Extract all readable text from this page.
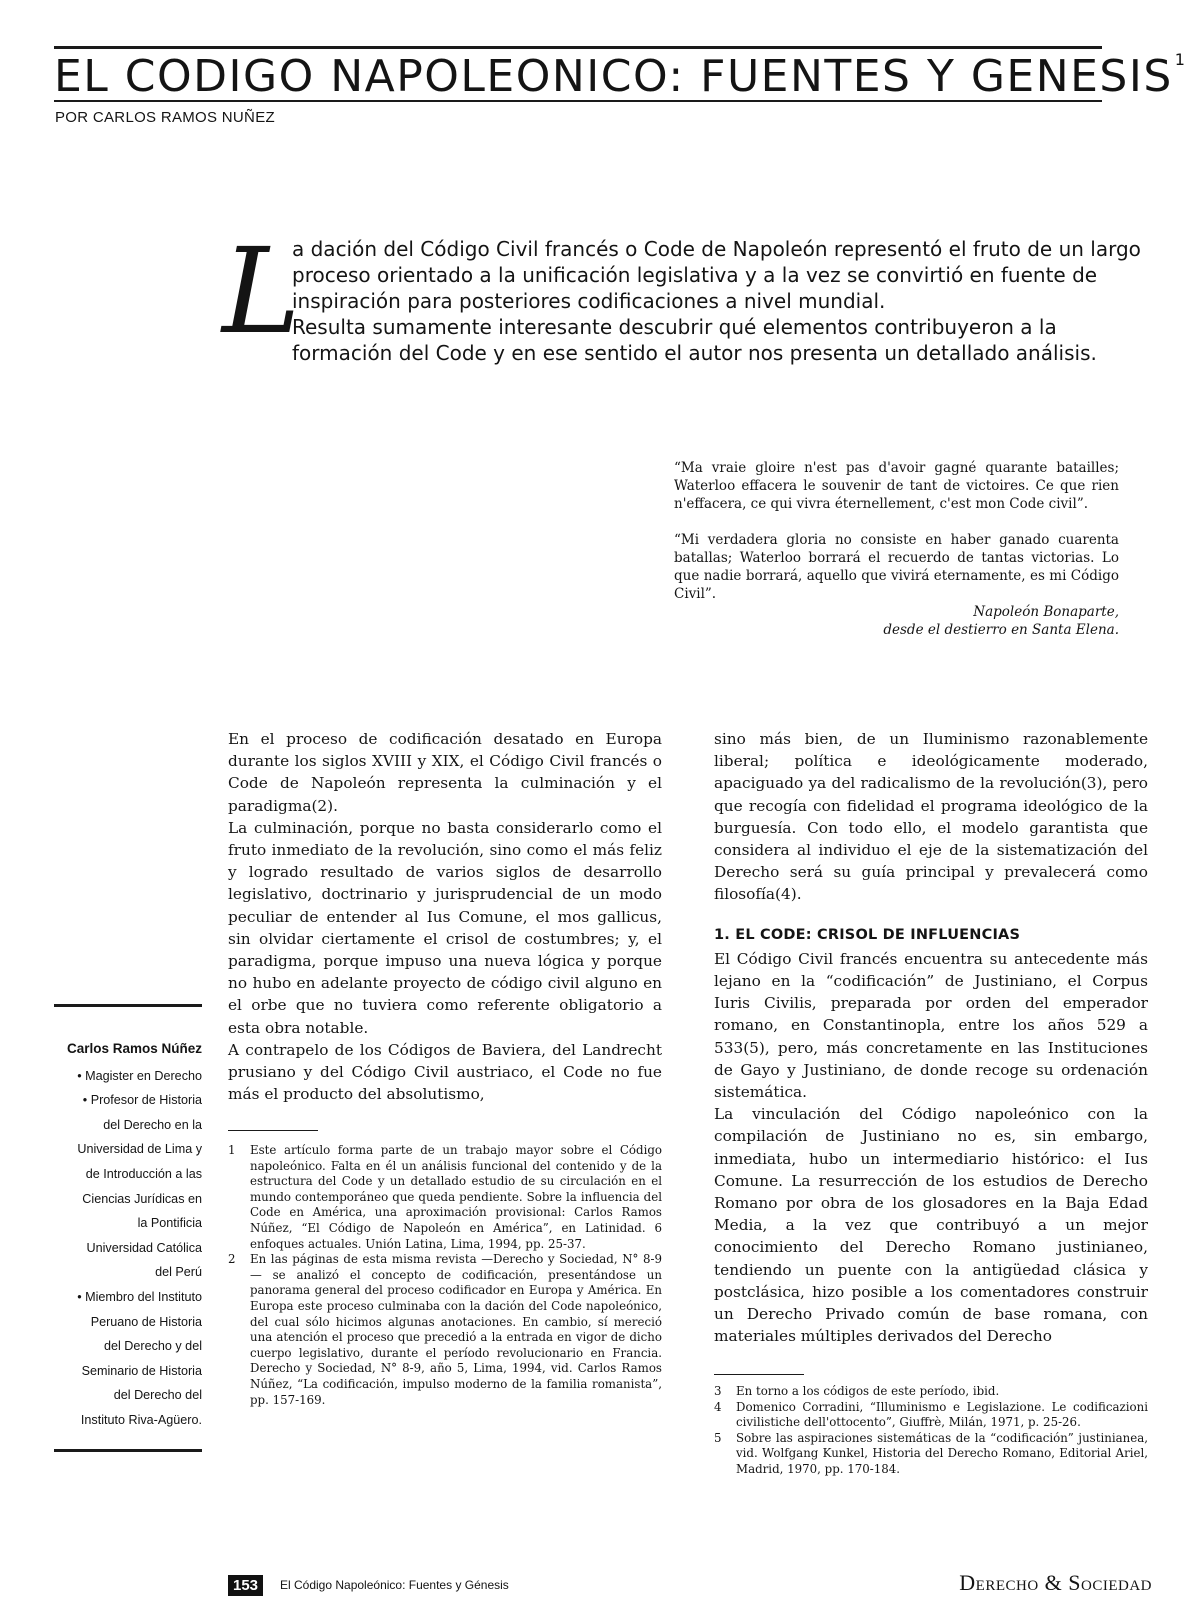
EL CODIGO NAPOLEONICO: FUENTES Y GENESIS $^1$
POR CARLOS RAMOS NUÑEZ
L

a dación del Código Civil francés o Code de Napoleón representó el fruto de un largo proceso orientado a la unificación legislativa y a la vez se convirtió en fuente de inspiración para posteriores codificaciones a nivel mundial.

Resulta sumamente interesante descubrir qué elementos contribuyeron a la formación del Code y en ese sentido el autor nos presenta un detallado análisis.

“Ma vraie gloire n'est pas d'avoir gagné quarante batailles; Waterloo effacera le souvenir de tant de victoires. Ce que rien n'effacera, ce qui vivra éternellement, c'est mon Code civil”.

“Mi verdadera gloria no consiste en haber ganado cuarenta batallas; Waterloo borrará el recuerdo de tantas victorias. Lo que nadie borrará, aquello que vivirá eternamente, es mi Código Civil”.

Napoleón Bonaparte,

desde el destierro en Santa Elena.

Carlos Ramos Núñez
• Magister en Derecho
• Profesor de Historia
del Derecho en la
Universidad de Lima y
de Introducción a las
Ciencias Jurídicas en
la Pontificia
Universidad Católica
del Perú
• Miembro del Instituto
Peruano de Historia
del Derecho y del
Seminario de Historia
del Derecho del
Instituto Riva-Agüero.

En el proceso de codificación desatado en Europa durante los siglos XVIII y XIX, el Código Civil francés o Code de Napoleón representa la culminación y el paradigma(2).

La culminación, porque no basta considerarlo como el fruto inmediato de la revolución, sino como el más feliz y logrado resultado de varios siglos de desarrollo legislativo, doctrinario y jurisprudencial de un modo peculiar de entender al Ius Comune, el mos gallicus, sin olvidar ciertamente el crisol de costumbres; y, el paradigma, porque impuso una nueva lógica y porque no hubo en adelante proyecto de código civil alguno en el orbe que no tuviera como referente obligatorio a esta obra notable.

A contrapelo de los Códigos de Baviera, del Landrecht prusiano y del Código Civil austriaco, el Code no fue más el producto del absolutismo,

1	Este artículo forma parte de un trabajo mayor sobre el Código napoleónico. Falta en él un análisis funcional del contenido y de la estructura del Code y un detallado estudio de su circulación en el mundo contemporáneo que queda pendiente. Sobre la influencia del Code en América, una aproximación provisional: Carlos Ramos Núñez, “El Código de Napoleón en América”, en Latinidad. 6 enfoques actuales. Unión Latina, Lima, 1994, pp. 25-37.
2	En las páginas de esta misma revista —Derecho y Sociedad, N° 8-9— se analizó el concepto de codificación, presentándose un panorama general del proceso codificador en Europa y América. En Europa este proceso culminaba con la dación del Code napoleónico, del cual sólo hicimos algunas anotaciones. En cambio, sí mereció una atención el proceso que precedió a la entrada en vigor de dicho cuerpo legislativo, durante el período revolucionario en Francia. Derecho y Sociedad, N° 8-9, año 5, Lima, 1994, vid. Carlos Ramos Núñez, “La codificación, impulso moderno de la familia romanista”, pp. 157-169.

sino más bien, de un Iluminismo razonablemente liberal; política e ideológicamente moderado, apaciguado ya del radicalismo de la revolución(3), pero que recogía con fidelidad el programa ideológico de la burguesía. Con todo ello, el modelo garantista que considera al individuo el eje de la sistematización del Derecho será su guía principal y prevalecerá como filosofía(4).

1. EL CODE: CRISOL DE INFLUENCIAS

El Código Civil francés encuentra su antecedente más lejano en la “codificación” de Justiniano, el Corpus Iuris Civilis, preparada por orden del emperador romano, en Constantinopla, entre los años 529 a 533(5), pero, más concretamente en las Instituciones de Gayo y Justiniano, de donde recoge su ordenación sistemática.

La vinculación del Código napoleónico con la compilación de Justiniano no es, sin embargo, inmediata, hubo un intermediario histórico: el Ius Comune. La resurrección de los estudios de Derecho Romano por obra de los glosadores en la Baja Edad Media, a la vez que contribuyó a un mejor conocimiento del Derecho Romano justinianeo, tendiendo un puente con la antigüedad clásica y postclásica, hizo posible a los comentadores construir un Derecho Privado común de base romana, con materiales múltiples derivados del Derecho

3	En torno a los códigos de este período, ibid.
4	Domenico Corradini, “Illuminismo e Legislazione. Le codificazioni civilistiche dell'ottocento”, Giuffrè, Milán, 1971, p. 25-26.
5	Sobre las aspiraciones sistemáticas de la “codificación” justinianea, vid. Wolfgang Kunkel, Historia del Derecho Romano, Editorial Ariel, Madrid, 1970, pp. 170-184.
153	El Código Napoleónico: Fuentes y Génesis	Derecho & Sociedad
